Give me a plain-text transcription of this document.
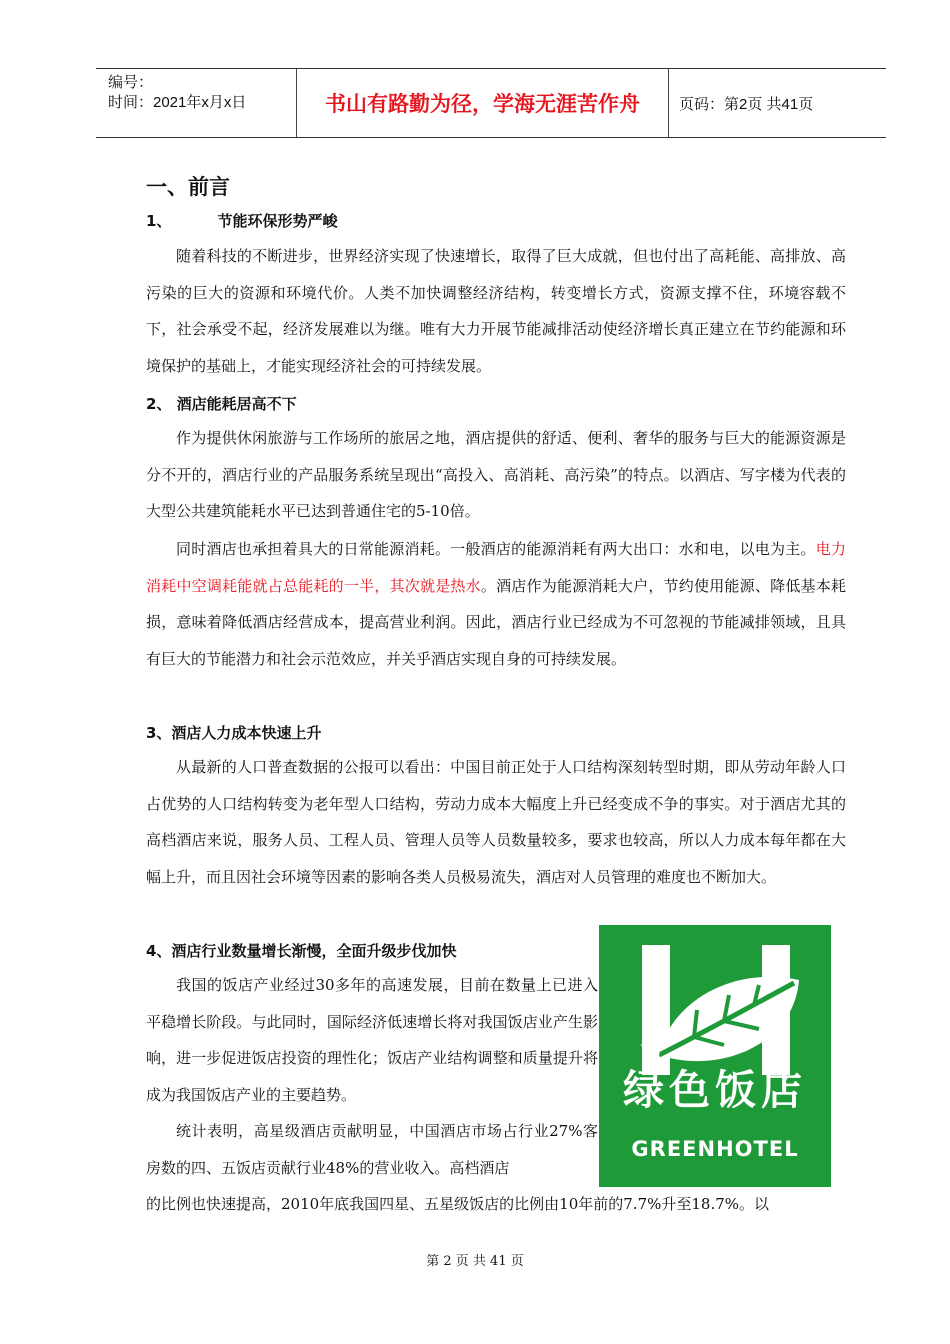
编号：
时间：2021年x月x日	书山有路勤为径，学海无涯苦作舟	页码：第2页 共41页
一、前言
1、	节能环保形势严峻

随着科技的不断进步，世界经济实现了快速增长，取得了巨大成就，但也付出了高耗能、高排放、高污染的巨大的资源和环境代价。人类不加快调整经济结构，转变增长方式，资源支撑不住，环境容载不下，社会承受不起，经济发展难以为继。唯有大力开展节能减排活动使经济增长真正建立在节约能源和环境保护的基础上，才能实现经济社会的可持续发展。

2、 酒店能耗居高不下

作为提供休闲旅游与工作场所的旅居之地，酒店提供的舒适、便利、奢华的服务与巨大的能源资源是分不开的，酒店行业的产品服务系统呈现出“高投入、高消耗、高污染”的特点。以酒店、写字楼为代表的大型公共建筑能耗水平已达到普通住宅的5-10倍。

同时酒店也承担着具大的日常能源消耗。一般酒店的能源消耗有两大出口：水和电，以电为主。电力消耗中空调耗能就占总能耗的一半，其次就是热水。酒店作为能源消耗大户，节约使用能源、降低基本耗损，意味着降低酒店经营成本，提高营业利润。因此，酒店行业已经成为不可忽视的节能减排领域，且具有巨大的节能潜力和社会示范效应，并关乎酒店实现自身的可持续发展。

3、酒店人力成本快速上升

从最新的人口普查数据的公报可以看出：中国目前正处于人口结构深刻转型时期，即从劳动年龄人口占优势的人口结构转变为老年型人口结构，劳动力成本大幅度上升已经变成不争的事实。对于酒店尤其的高档酒店来说，服务人员、工程人员、管理人员等人员数量较多，要求也较高，所以人力成本每年都在大幅上升，而且因社会环境等因素的影响各类人员极易流失，酒店对人员管理的难度也不断加大。

4、酒店行业数量增长渐慢，全面升级步伐加快

我国的饭店产业经过30多年的高速发展，目前在数量上已进入平稳增长阶段。与此同时，国际经济低速增长将对我国饭店业产生影响，进一步促进饭店投资的理性化；饭店产业结构调整和质量提升将成为我国饭店产业的主要趋势。

统计表明，高星级酒店贡献明显，中国酒店市场占行业27%客房数的四、五饭店贡献行业48%的营业收入。高档酒店

的比例也快速提高，2010年底我国四星、五星级饭店的比例由10年前的7.7%升至18.7%。以

绿色饭店
GREENHOTEL
第 2 页 共 41 页
